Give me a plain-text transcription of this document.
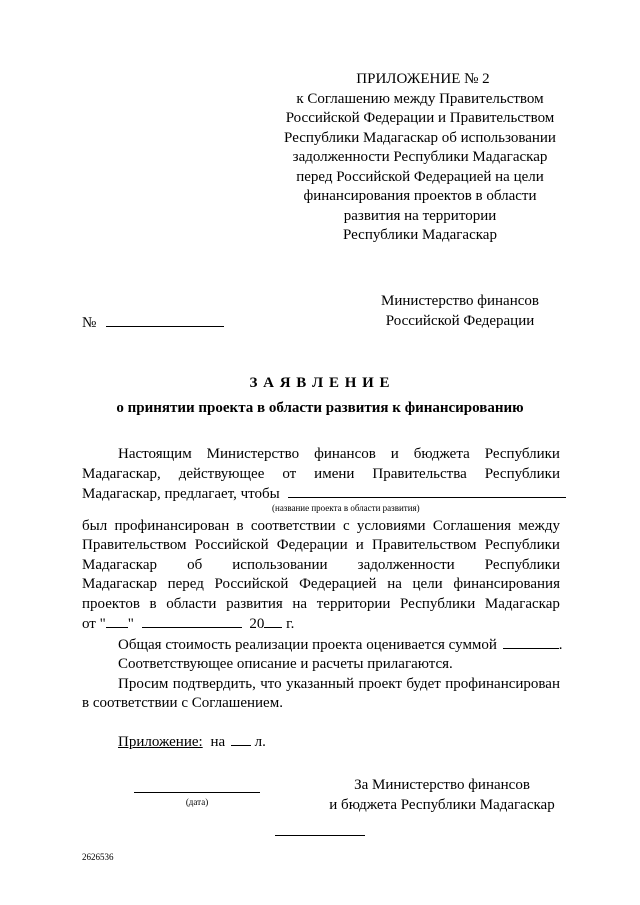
ПРИЛОЖЕНИЕ № 2
к Соглашению между Правительством
Российской Федерации и Правительством
Республики Мадагаскар об использовании
задолженности Республики Мадагаскар
перед Российской Федерацией на цели
финансирования проектов в области
развития на территории
Республики Мадагаскар
Министерство финансов
Российской Федерации
№
З А Я В Л Е Н И Е
о принятии проекта в области развития к финансированию
Настоящим Министерство финансов и бюджета Республики
Мадагаскар, действующее от имени Правительства Республики
Мадагаскар, предлагает, чтобы
(название проекта в области развития)
был профинансирован в соответствии с условиями Соглашения между
Правительством Российской Федерации и Правительством Республики
Мадагаскар об использовании задолженности Республики
Мадагаскар перед Российской Федерацией на цели финансирования
проектов в области развития на территории Республики Мадагаскар
от " "	20 г.
Общая стоимость реализации проекта оценивается суммой	.
Соответствующее описание и расчеты прилагаются.
Просим подтвердить, что указанный проект будет профинансирован
в соответствии с Соглашением.
Приложение: на л.
(дата)
За Министерство финансов
и бюджета Республики Мадагаскар
2626536
